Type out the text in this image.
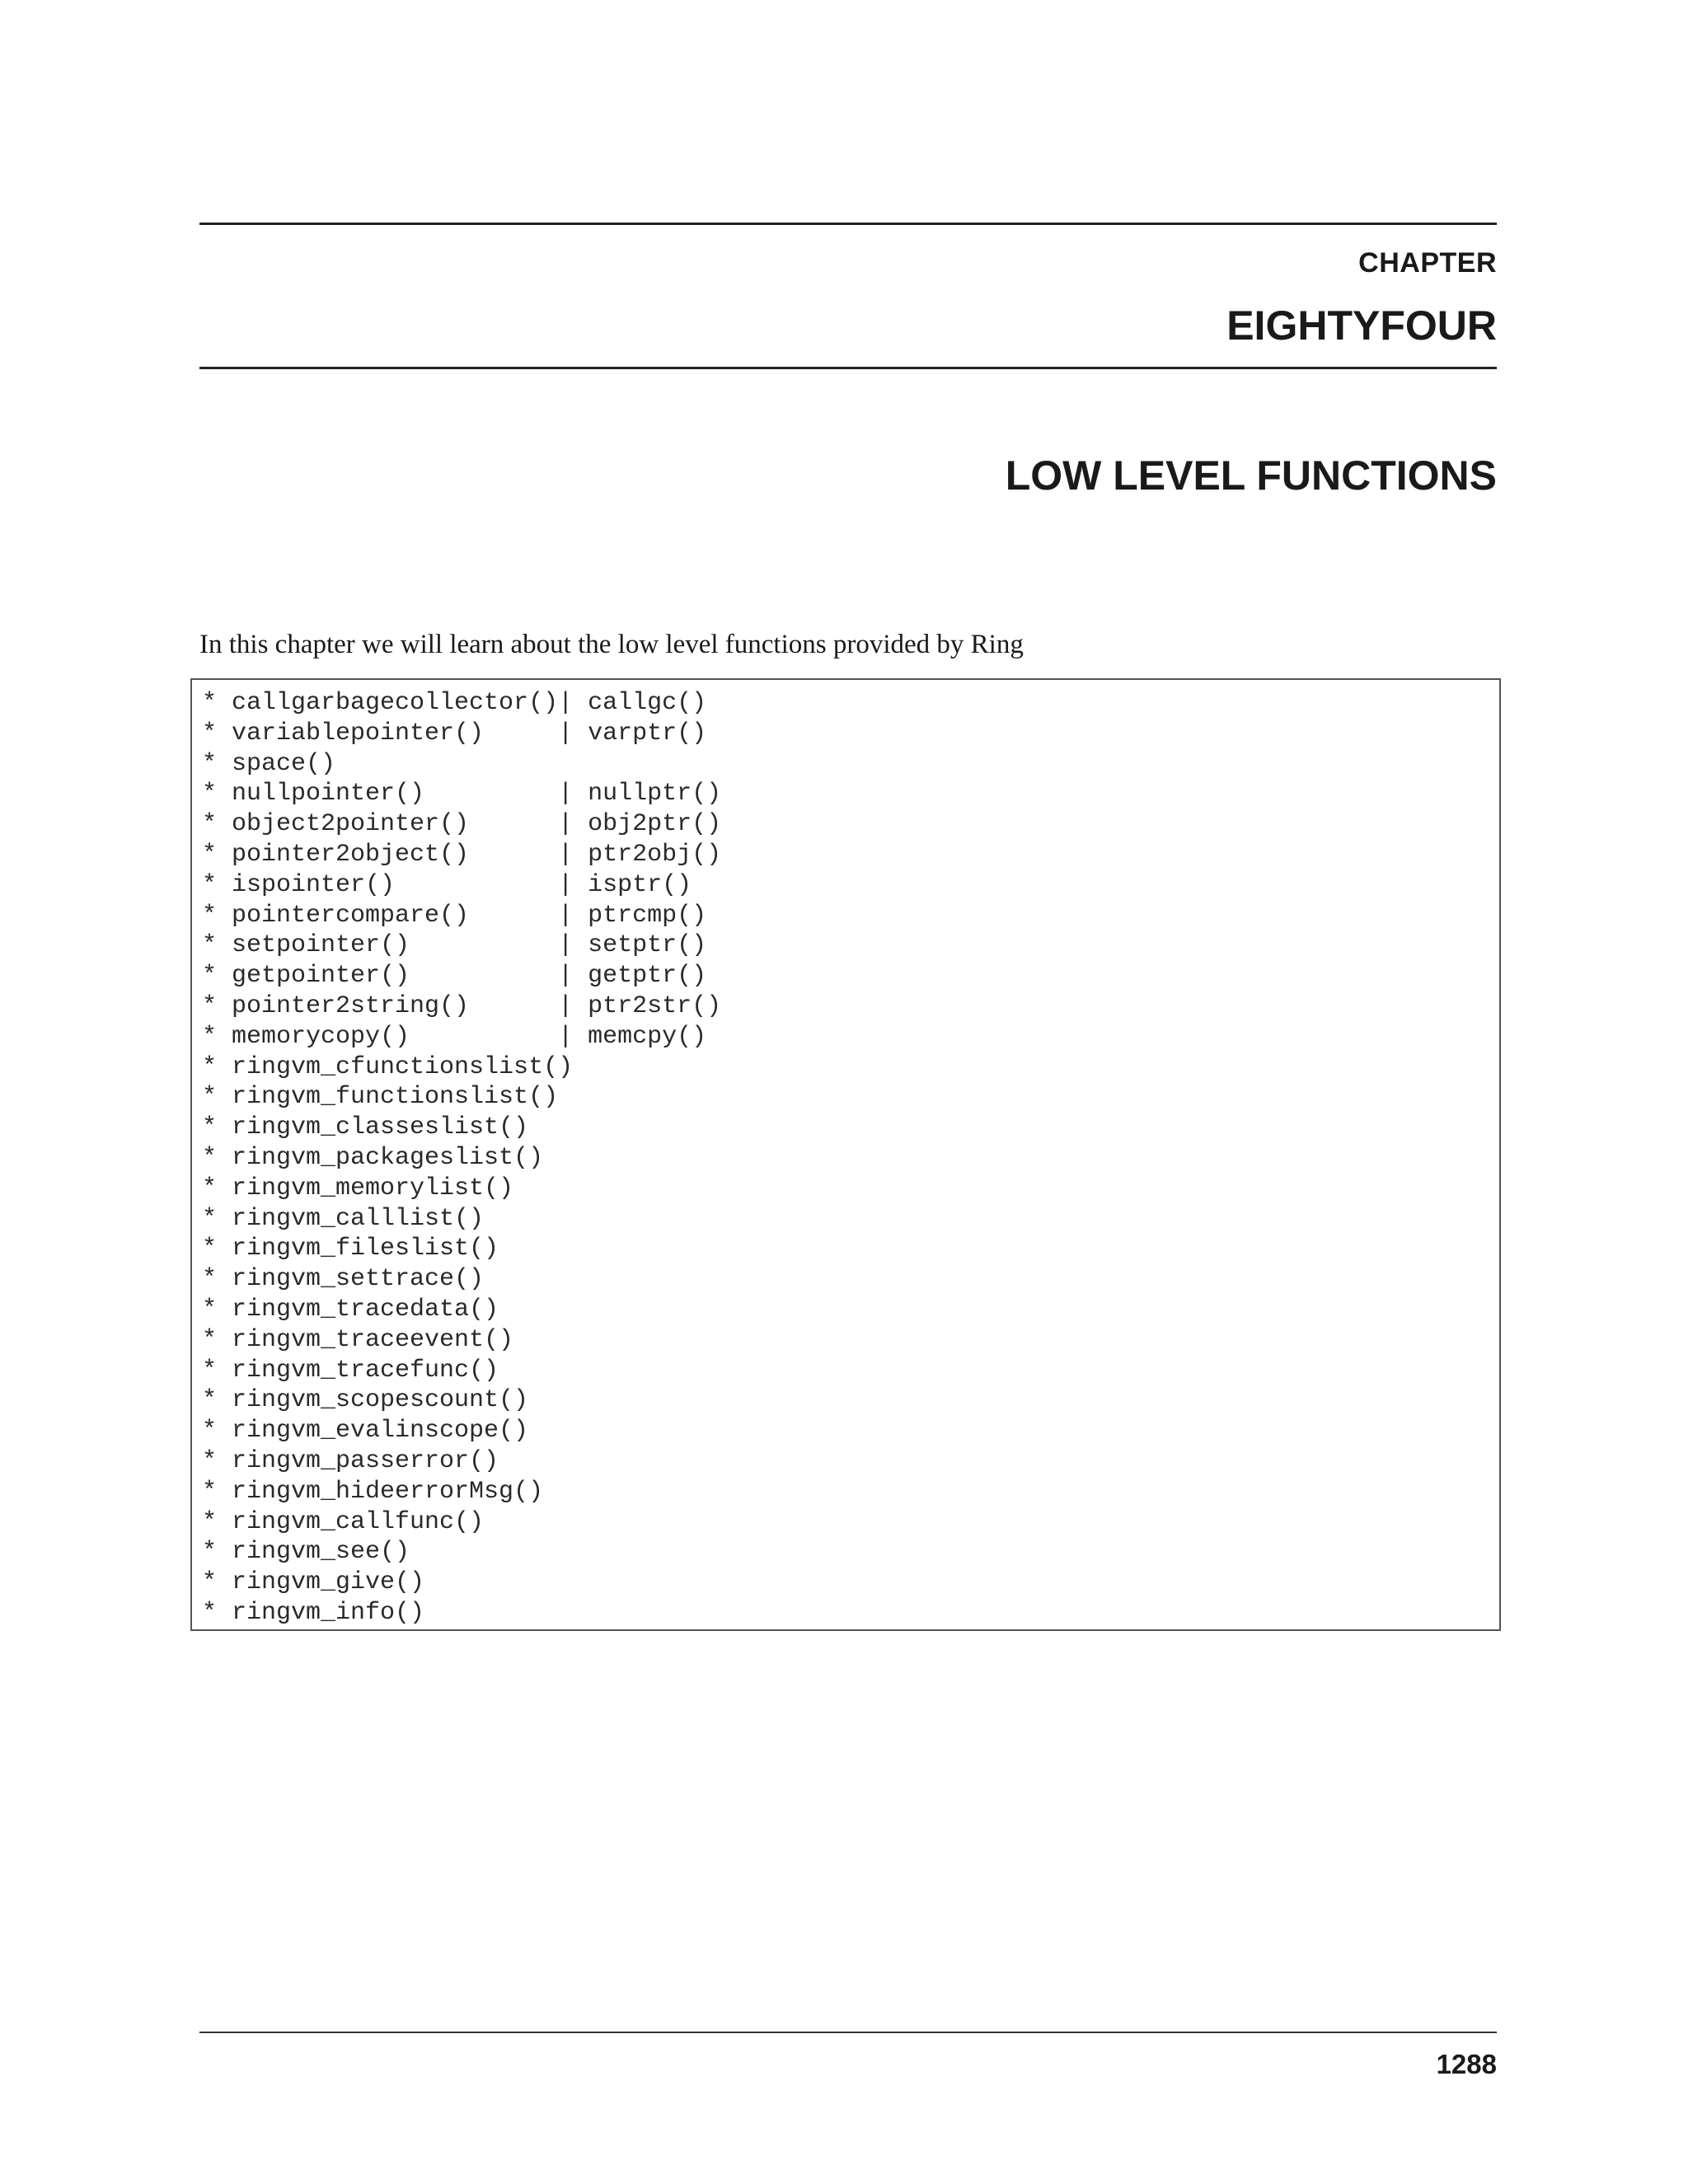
CHAPTER
EIGHTYFOUR
LOW LEVEL FUNCTIONS
In this chapter we will learn about the low level functions provided by Ring
* callgarbagecollector()| callgc()
* variablepointer()     | varptr()
* space()
* nullpointer()         | nullptr()
* object2pointer()      | obj2ptr()
* pointer2object()      | ptr2obj()
* ispointer()           | isptr()
* pointercompare()      | ptrcmp()
* setpointer()          | setptr()
* getpointer()          | getptr()
* pointer2string()      | ptr2str()
* memorycopy()          | memcpy()
* ringvm_cfunctionslist()
* ringvm_functionslist()
* ringvm_classeslist()
* ringvm_packageslist()
* ringvm_memorylist()
* ringvm_calllist()
* ringvm_fileslist()
* ringvm_settrace()
* ringvm_tracedata()
* ringvm_traceevent()
* ringvm_tracefunc()
* ringvm_scopescount()
* ringvm_evalinscope()
* ringvm_passerror()
* ringvm_hideerrorMsg()
* ringvm_callfunc()
* ringvm_see()
* ringvm_give()
* ringvm_info()
1288
